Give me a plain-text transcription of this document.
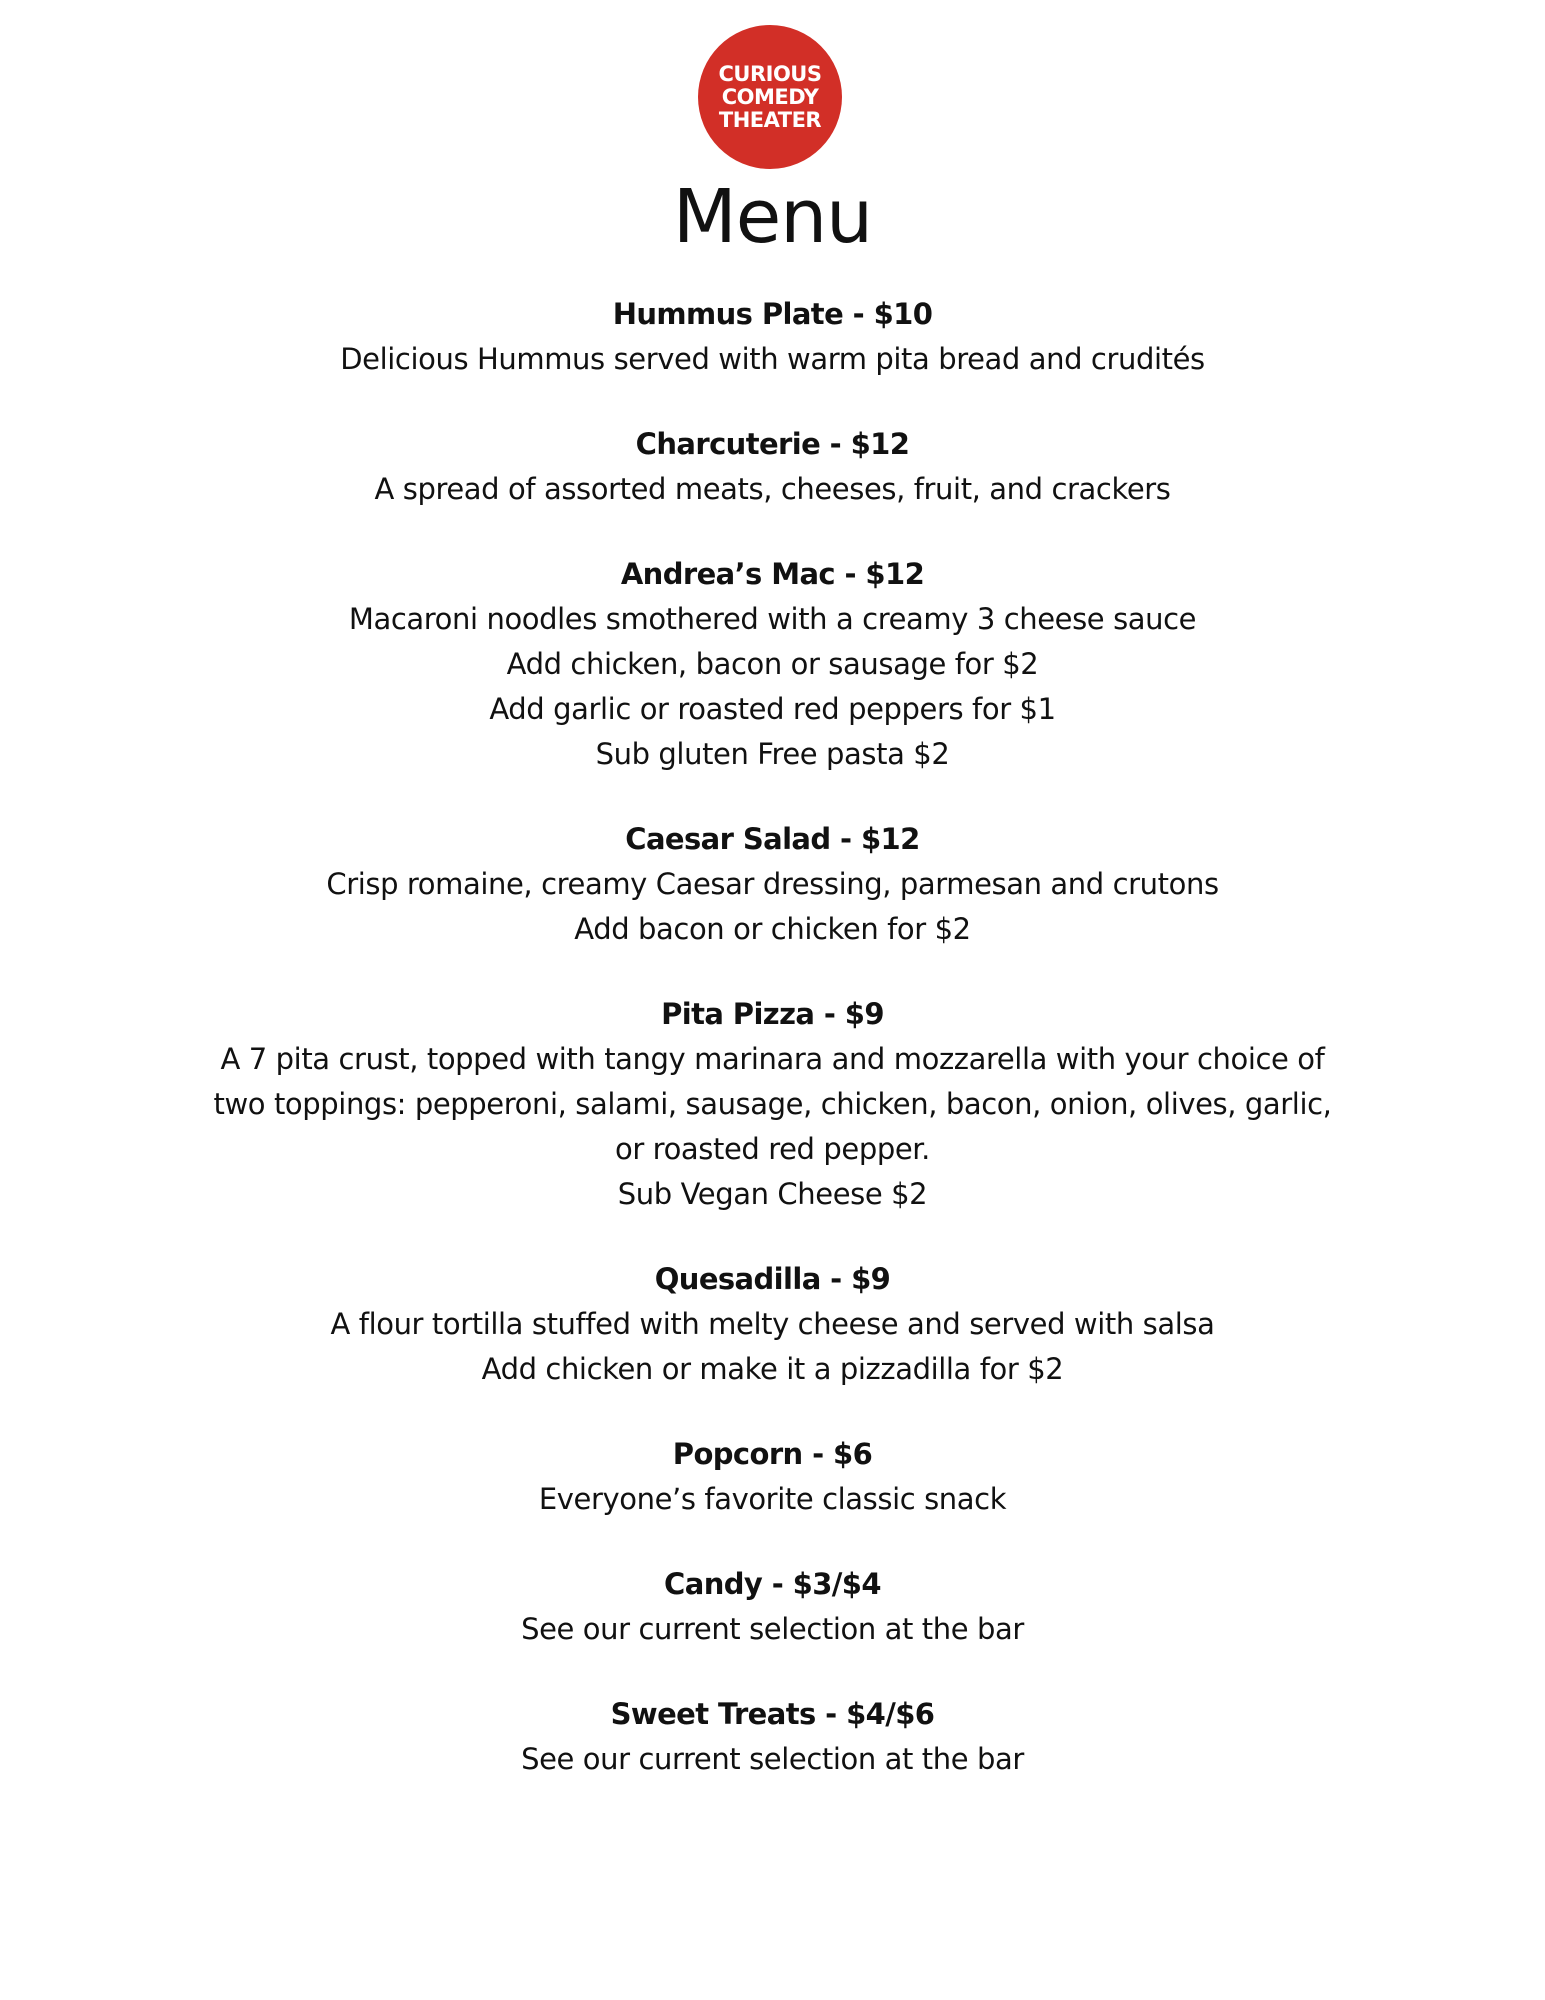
CURIOUS
COMEDY
THEATER
Menu

Hummus Plate - $10

Delicious Hummus served with warm pita bread and crudités

Charcuterie - $12

A spread of assorted meats, cheeses, fruit, and crackers

Andrea’s Mac - $12

Macaroni noodles smothered with a creamy 3 cheese sauce

Add chicken, bacon or sausage for $2

Add garlic or roasted red peppers for $1

Sub gluten Free pasta $2

Caesar Salad - $12

Crisp romaine, creamy Caesar dressing, parmesan and crutons

Add bacon or chicken for $2

Pita Pizza - $9

A 7 pita crust, topped with tangy marinara and mozzarella with your choice of

two toppings: pepperoni, salami, sausage, chicken, bacon, onion, olives, garlic,

or roasted red pepper.

Sub Vegan Cheese $2

Quesadilla - $9

A flour tortilla stuffed with melty cheese and served with salsa

Add chicken or make it a pizzadilla for $2

Popcorn - $6

Everyone’s favorite classic snack

Candy - $3/$4

See our current selection at the bar

Sweet Treats - $4/$6

See our current selection at the bar
